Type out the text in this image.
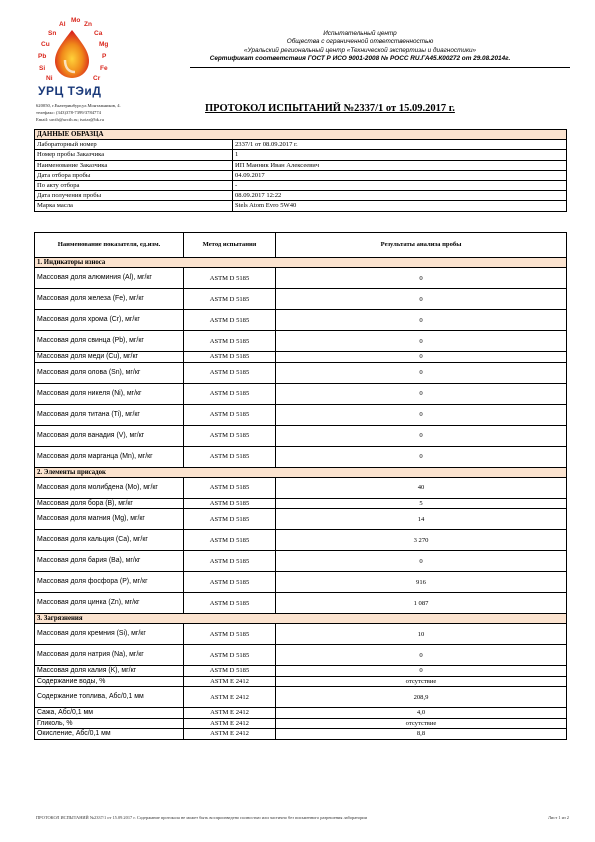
Si
Pb
Cu
Sn
Al
Mo
Zn
Ca
Mg
P
Fe
Ni	Cr
УРЦ ТЭиД
620050, г.Екатеринбург,ул.Монтажников, 4.
телефакс: (343)378-7399/3784774
Email: urcth@urcth.ru; tsotar@bk.ru
Испытательный центр
Общества с ограниченной ответственностью
«Уральский региональный центр «Технической экспертизы и диагностики»
Сертификат соответствия ГОСТ Р ИСО 9001-2008 № РОСС RU.ГА45.К00272 от 29.08.2014г.
ПРОТОКОЛ ИСПЫТАНИЙ №2337/1 от 15.09.2017 г.
ДАННЫЕ ОБРАЗЦА	
Лабораторный номер	2337/1 от 08.09.2017 г.
Номер пробы Заказчика	1
Наименование Заказчика	ИП Манник Иван Алексеевич
Дата отбора пробы	04.09.2017
По акту отбора	-
Дата получения пробы	08.09.2017 12:22
Марка масла	Stels Atom Evro 5W40
Наименование показателя, ед.изм.	Метод испытания	Результаты анализа пробы
1. Индикаторы износа		
Массовая доля алюминия (Al), мг/кг	ASTM D 5185	0
Массовая доля железа (Fe), мг/кг	ASTM D 5185	0
Массовая доля хрома (Cr), мг/кг	ASTM D 5185	0
Массовая доля свинца (Pb), мг/кг	ASTM D 5185	0
Массовая доля меди (Cu), мг/кг	ASTM D 5185	0
Массовая доля олова (Sn), мг/кг	ASTM D 5185	0
Массовая доля никеля (Ni), мг/кг	ASTM D 5185	0
Массовая доля титана (Ti), мг/кг	ASTM D 5185	0
Массовая доля ванадия (V), мг/кг	ASTM D 5185	0
Массовая доля марганца (Mn), мг/кг	ASTM D 5185	0
2. Элементы присадок		
Массовая доля молибдена (Mo), мг/кг	ASTM D 5185	40
Массовая доля бора (B), мг/кг	ASTM D 5185	5
Массовая доля магния (Mg), мг/кг	ASTM D 5185	14
Массовая доля кальция (Ca), мг/кг	ASTM D 5185	3 270
Массовая доля бария (Ba), мг/кг	ASTM D 5185	0
Массовая доля фосфора (P), мг/кг	ASTM D 5185	916
Массовая доля цинка (Zn), мг/кг	ASTM D 5185	1 087
3. Загрязнения		
Массовая доля кремния (Si), мг/кг	ASTM D 5185	10
Массовая доля натрия (Na), мг/кг	ASTM D 5185	0
Массовая доля калия (K), мг/кг	ASTM D 5185	0
Содержание воды, %	ASTM E 2412	отсутствие
Содержание топлива, Абс/0,1 мм	ASTM E 2412	208,9
Сажа, Абс/0,1 мм	ASTM E 2412	4,0
Гликоль, %	ASTM E 2412	отсутствие
Окисление, Абс/0,1 мм	ASTM E 2412	8,8
ПРОТОКОЛ ИСПЫТАНИЙ №2337/1 от 15.09.2017 г. Содержание протокола не может быть воспроизведено полностью или частично без письменного разрешения лаборатории	Лист 1 из 2
